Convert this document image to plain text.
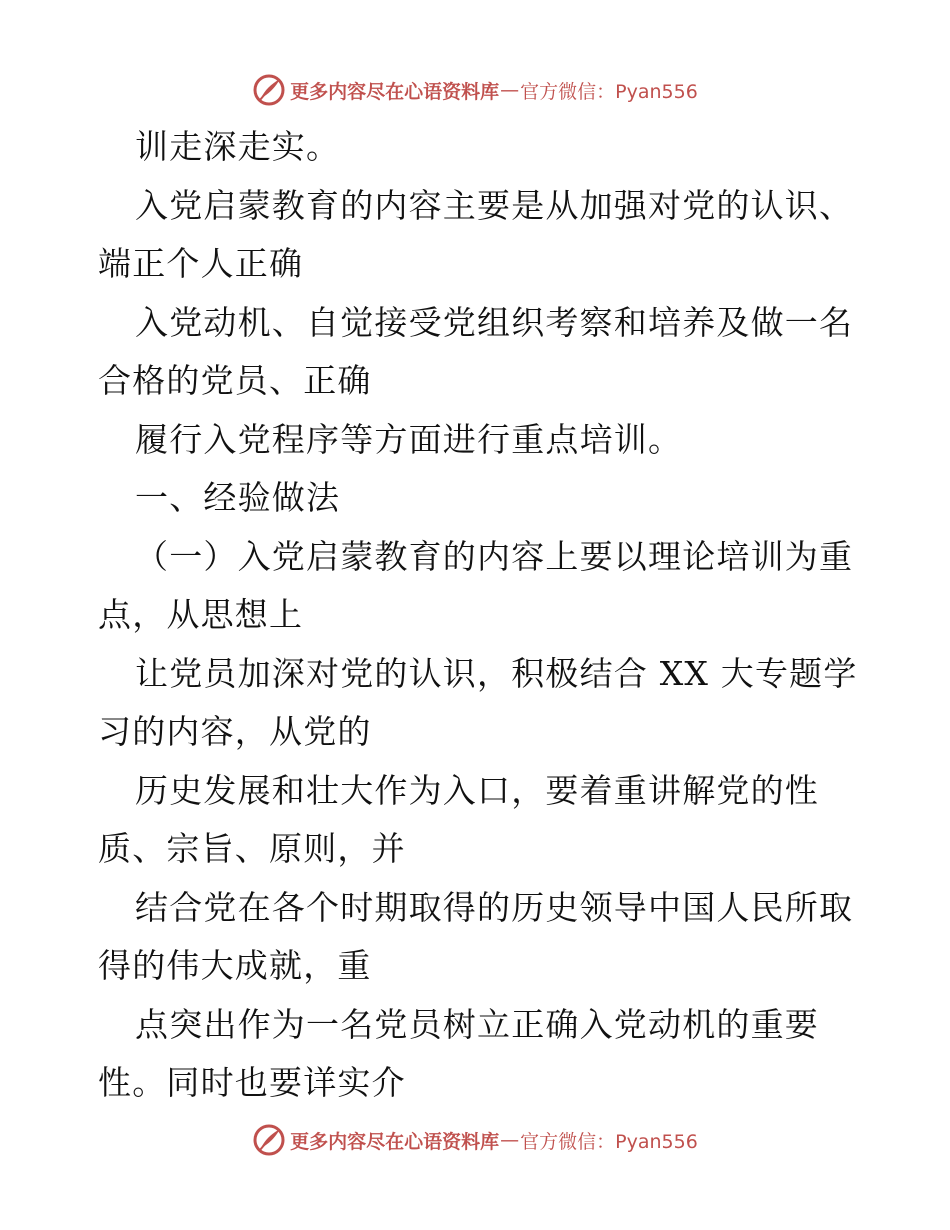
更多内容尽在心语资料库 — 官方微信：Pyan556
训走深走实。
入党启蒙教育的内容主要是从加强对党的认识、
端正个人正确
入党动机、自觉接受党组织考察和培养及做一名
合格的党员、正确
履行入党程序等方面进行重点培训。
一、经验做法
（一）入党启蒙教育的内容上要以理论培训为重
点，从思想上
让党员加深对党的认识，积极结合 XX 大专题学
习的内容，从党的
历史发展和壮大作为入口，要着重讲解党的性
质、宗旨、原则，并
结合党在各个时期取得的历史领导中国人民所取
得的伟大成就，重
点突出作为一名党员树立正确入党动机的重要
性。同时也要详实介
更多内容尽在心语资料库 — 官方微信：Pyan556
